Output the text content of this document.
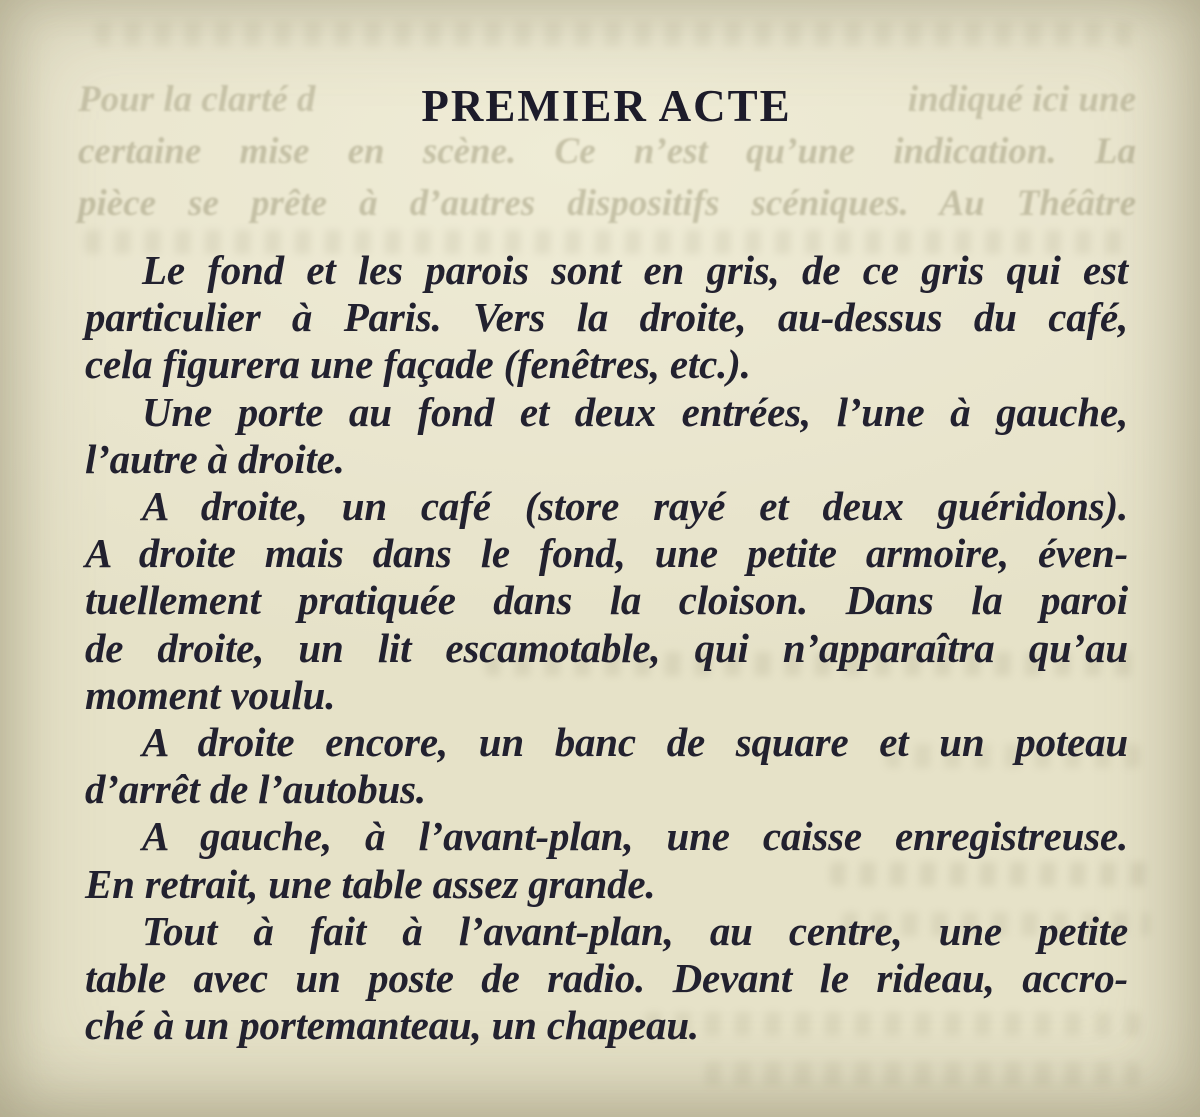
Pour la clarté d	indiqué ici une
certaine mise en scène. Ce n’est qu’une indication. La
pièce se prête à d’autres dispositifs scéniques. Au Théâtre
PREMIER ACTE
Le fond et les parois sont en gris, de ce gris qui est
particulier à Paris. Vers la droite, au-dessus du café,
cela figurera une façade (fenêtres, etc.).
Une porte au fond et deux entrées, l’une à gauche,
l’autre à droite.
A droite, un café (store rayé et deux guéridons).
A droite mais dans le fond, une petite armoire, éven-
tuellement pratiquée dans la cloison. Dans la paroi
de droite, un lit escamotable, qui n’apparaîtra qu’au
moment voulu.
A droite encore, un banc de square et un poteau
d’arrêt de l’autobus.
A gauche, à l’avant-plan, une caisse enregistreuse.
En retrait, une table assez grande.
Tout à fait à l’avant-plan, au centre, une petite
table avec un poste de radio. Devant le rideau, accro-
ché à un portemanteau, un chapeau.
